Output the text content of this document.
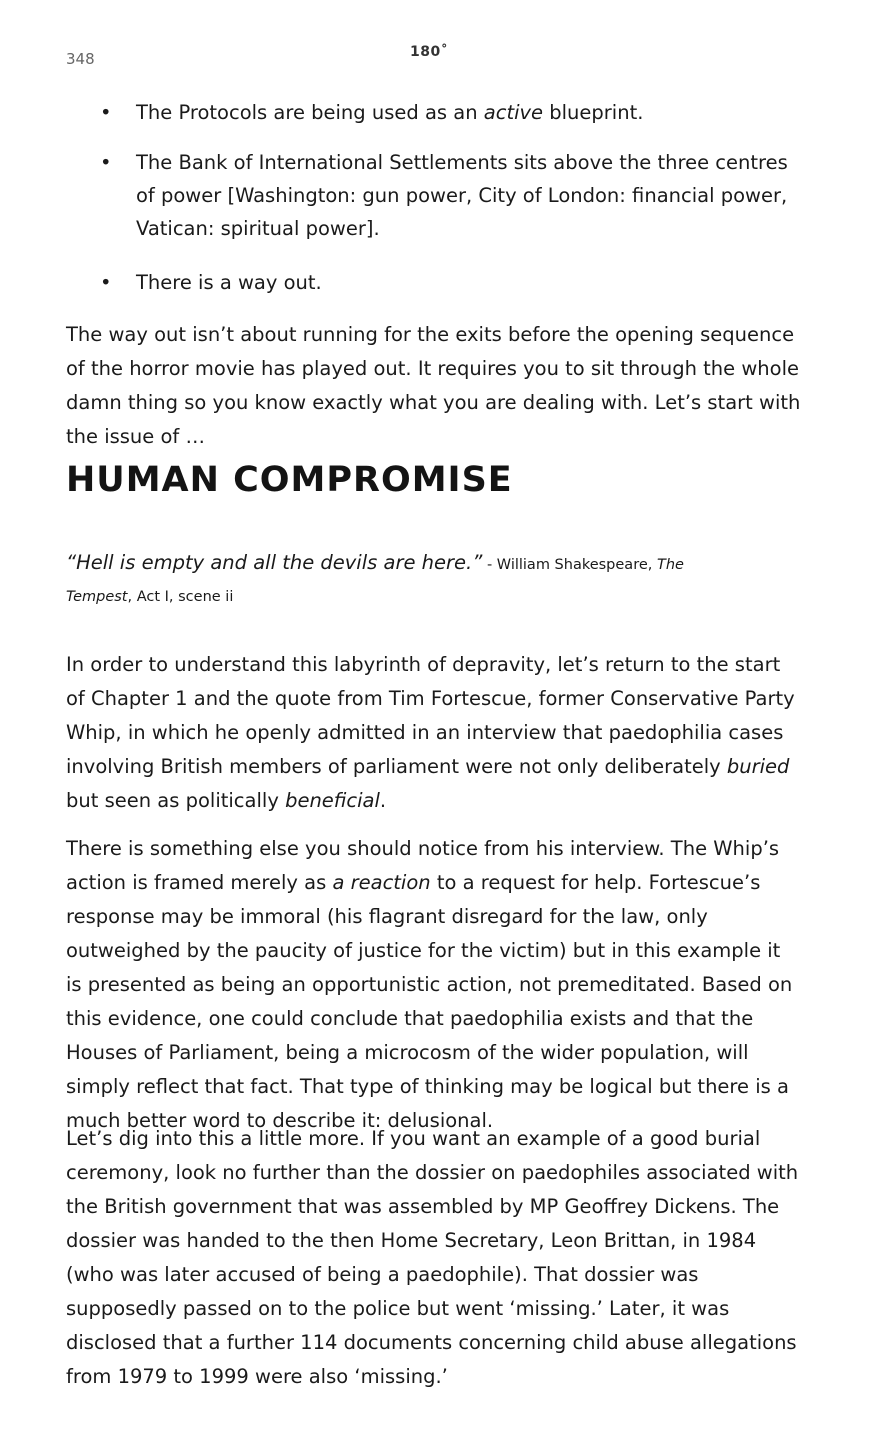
348	180˚
• The Protocols are being used as an active blueprint.
• The Bank of International Settlements sits above the three centres of power [Washington: gun power, City of London: financial power, Vatican: spiritual power].
• There is a way out.

The way out isn’t about running for the exits before the opening sequence of the horror movie has played out. It requires you to sit through the whole damn thing so you know exactly what you are dealing with. Let’s start with the issue of …

HUMAN COMPROMISE

“Hell is empty and all the devils are here.” - William Shakespeare, The Tempest, Act I, scene ii

In order to understand this labyrinth of depravity, let’s return to the start of Chapter 1 and the quote from Tim Fortescue, former Conservative Party Whip, in which he openly admitted in an interview that paedophilia cases involving British members of parliament were not only deliberately buried but seen as politically beneficial.

There is something else you should notice from his interview. The Whip’s action is framed merely as a reaction to a request for help. Fortescue’s response may be immoral (his flagrant disregard for the law, only outweighed by the paucity of justice for the victim) but in this example it is presented as being an opportunistic action, not premeditated. Based on this evidence, one could conclude that paedophilia exists and that the Houses of Parliament, being a microcosm of the wider population, will simply reflect that fact. That type of thinking may be logical but there is a much better word to describe it: delusional.

Let’s dig into this a little more. If you want an example of a good burial ceremony, look no further than the dossier on paedophiles associated with the British government that was assembled by MP Geoffrey Dickens. The dossier was handed to the then Home Secretary, Leon Brittan, in 1984 (who was later accused of being a paedophile). That dossier was supposedly passed on to the police but went ‘missing.’ Later, it was disclosed that a further 114 documents concerning child abuse allegations from 1979 to 1999 were also ‘missing.’
